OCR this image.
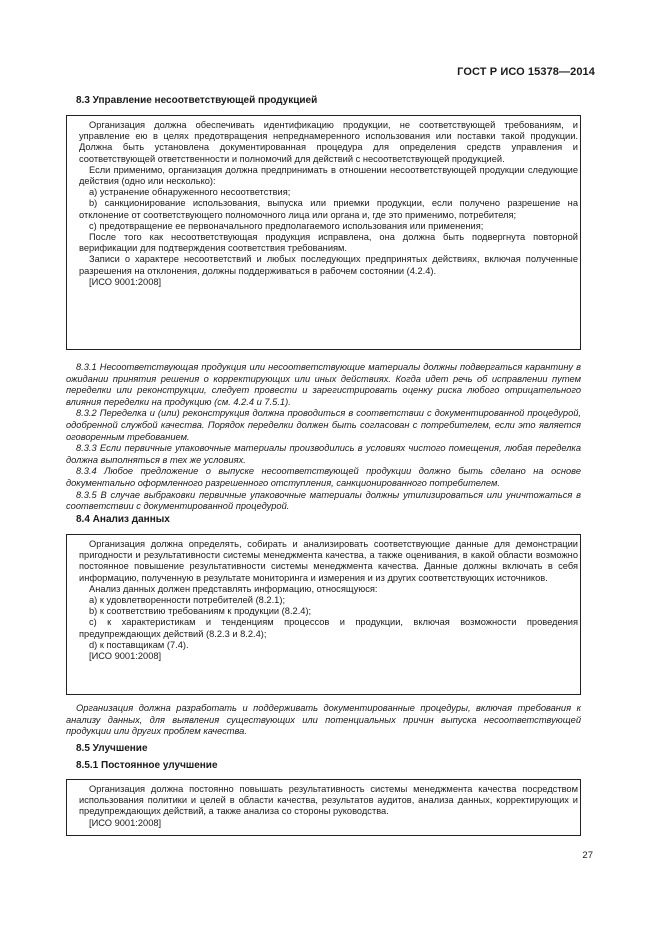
ГОСТ Р ИСО 15378—2014
8.3 Управление несоответствующей продукцией

Организация должна обеспечивать идентификацию продукции, не соответствующей требованиям, и управление ею в целях предотвращения непреднамеренного использования или поставки такой продукции. Должна быть установлена документированная процедура для определения средств управления и соответствующей ответственности и полномочий для действий с несоответствующей продукцией.

Если применимо, организация должна предпринимать в отношении несоответствующей продукции следующие действия (одно или несколько):

a) устранение обнаруженного несоответствия;

b) санкционирование использования, выпуска или приемки продукции, если получено разрешение на отклонение от соответствующего полномочного лица или органа и, где это применимо, потребителя;

c) предотвращение ее первоначального предполагаемого использования или применения;

После того как несоответствующая продукция исправлена, она должна быть подвергнута повторной верификации для подтверждения соответствия требованиям.

Записи о характере несоответствий и любых последующих предпринятых действиях, включая полученные разрешения на отклонения, должны поддерживаться в рабочем состоянии (4.2.4).

[ИСО 9001:2008]

8.3.1 Несоответствующая продукция или несоответствующие материалы должны подвергаться карантину в ожидании принятия решения о корректирующих или иных действиях. Когда идет речь об исправлении путем переделки или реконструкции, следует провести и зарегистрировать оценку риска любого отрицательного влияния переделки на продукцию (см. 4.2.4 и 7.5.1).

8.3.2 Переделка и (или) реконструкция должна проводиться в соответствии с документированной процедурой, одобренной службой качества. Порядок переделки должен быть согласован с потребителем, если это является оговоренным требованием.

8.3.3 Если первичные упаковочные материалы производились в условиях чистого помещения, любая переделка должна выполняться в тех же условиях.

8.3.4 Любое предложение о выпуске несоответствующей продукции должно быть сделано на основе документально оформленного разрешенного отступления, санкционированного потребителем.

8.3.5 В случае выбраковки первичные упаковочные материалы должны утилизироваться или уничтожаться в соответствии с документированной процедурой.

8.4 Анализ данных

Организация должна определять, собирать и анализировать соответствующие данные для демонстрации пригодности и результативности системы менеджмента качества, а также оценивания, в какой области возможно постоянное повышение результативности системы менеджмента качества. Данные должны включать в себя информацию, полученную в результате мониторинга и измерения и из других соответствующих источников.

Анализ данных должен представлять информацию, относящуюся:

a) к удовлетворенности потребителей (8.2.1);

b) к соответствию требованиям к продукции (8.2.4);

c) к характеристикам и тенденциям процессов и продукции, включая возможности проведения предупреждающих действий (8.2.3 и 8.2.4);

d) к поставщикам (7.4).

[ИСО 9001:2008]

Организация должна разработать и поддерживать документированные процедуры, включая требования к анализу данных, для выявления существующих или потенциальных причин выпуска несоответствующей продукции или других проблем качества.

8.5 Улучшение
8.5.1 Постоянное улучшение

Организация должна постоянно повышать результативность системы менеджмента качества посредством использования политики и целей в области качества, результатов аудитов, анализа данных, корректирующих и предупреждающих действий, а также анализа со стороны руководства.

[ИСО 9001:2008]

27
